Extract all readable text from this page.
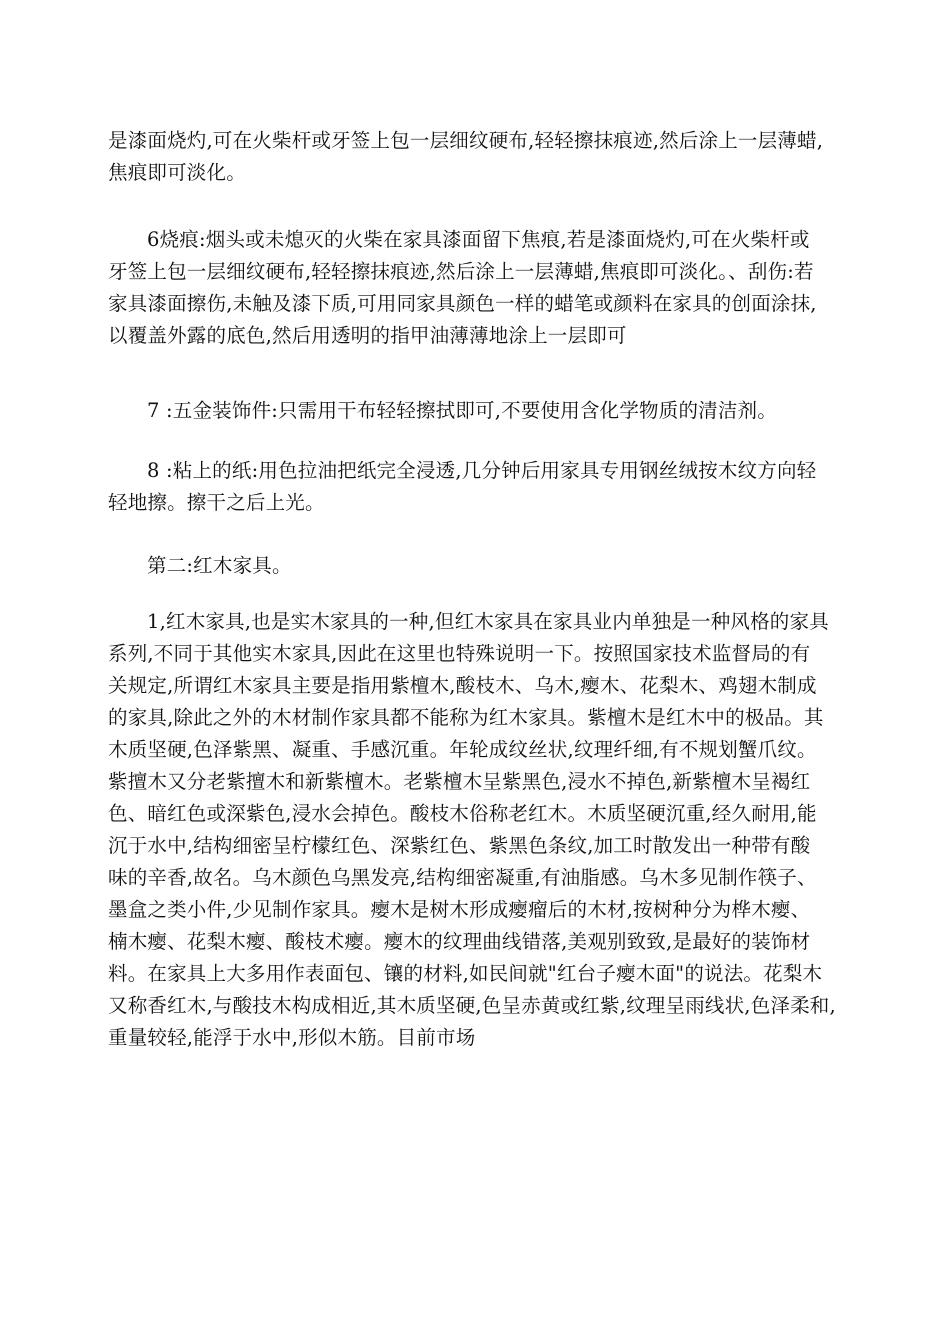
是漆面烧灼,可在火柴杆或牙签上包一层细纹硬布,轻轻擦抹痕迹,然后涂上一层薄蜡,
焦痕即可淡化。
6烧痕:烟头或未熄灭的火柴在家具漆面留下焦痕,若是漆面烧灼,可在火柴杆或
牙签上包一层细纹硬布,轻轻擦抹痕迹,然后涂上一层薄蜡,焦痕即可淡化。、刮伤:若
家具漆面擦伤,未触及漆下质,可用同家具颜色一样的蜡笔或颜料在家具的创面涂抹,
以覆盖外露的底色,然后用透明的指甲油薄薄地涂上一层即可
7 :五金装饰件:只需用干布轻轻擦拭即可,不要使用含化学物质的清洁剂。
8 :粘上的纸:用色拉油把纸完全浸透,几分钟后用家具专用钢丝绒按木纹方向轻
轻地擦。擦干之后上光。
第二:红木家具。
1,红木家具,也是实木家具的一种,但红木家具在家具业内单独是一种风格的家具
系列,不同于其他实木家具,因此在这里也特殊说明一下。按照国家技术监督局的有
关规定,所谓红木家具主要是指用紫檀木,酸枝木、乌木,瘿木、花梨木、鸡翅木制成
的家具,除此之外的木材制作家具都不能称为红木家具。紫檀木是红木中的极品。其
木质坚硬,色泽紫黑、凝重、手感沉重。年轮成纹丝状,纹理纤细,有不规划蟹爪纹。
紫擅木又分老紫擅木和新紫檀木。老紫檀木呈紫黑色,浸水不掉色,新紫檀木呈褐红
色、暗红色或深紫色,浸水会掉色。酸枝木俗称老红木。木质坚硬沉重,经久耐用,能
沉于水中,结构细密呈柠檬红色、深紫红色、紫黑色条纹,加工时散发出一种带有酸
味的辛香,故名。乌木颜色乌黑发亮,结构细密凝重,有油脂感。乌木多见制作筷子、
墨盒之类小件,少见制作家具。瘿木是树木形成瘿瘤后的木材,按树种分为桦木瘿、
楠木瘿、花梨木瘿、酸枝术瘿。瘿木的纹理曲线错落,美观别致致,是最好的装饰材
料。在家具上大多用作表面包、镶的材料,如民间就"红台子瘿木面"的说法。花梨木
又称香红木,与酸技木构成相近,其木质坚硬,色呈赤黄或红紫,纹理呈雨线状,色泽柔和,
重量较轻,能浮于水中,形似木筋。目前市场
